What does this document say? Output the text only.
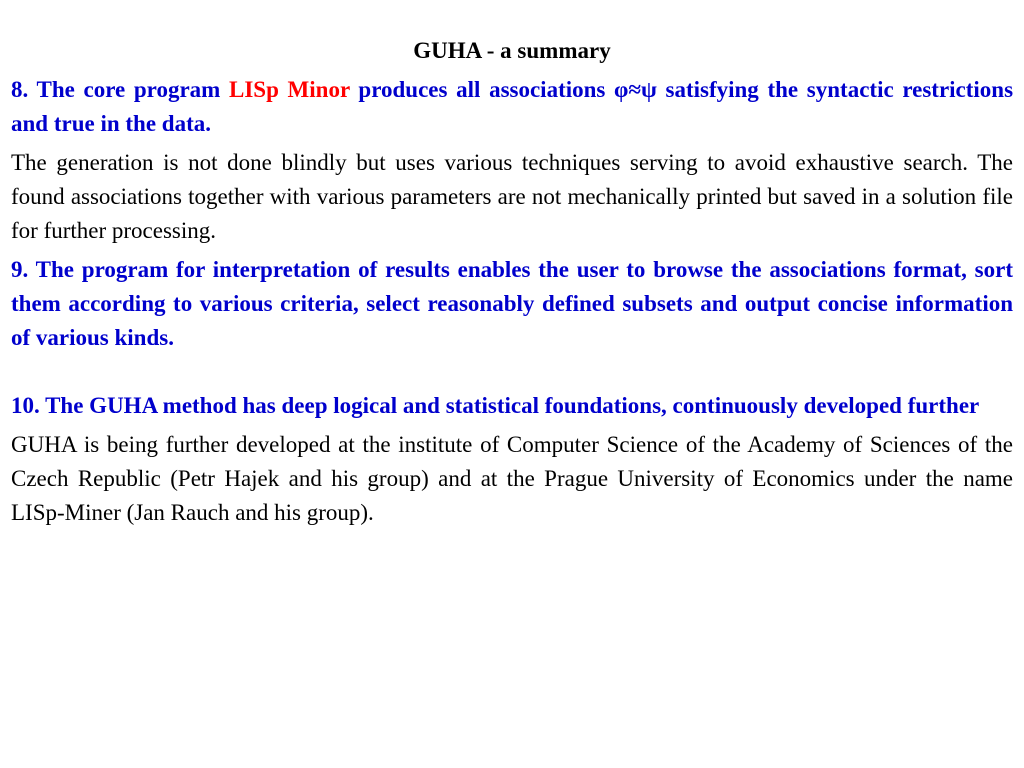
GUHA - a summary
8. The core program LISp Minor produces all associations φ≈ψ satisfying the syntactic restrictions and true in the data.
The generation is not done blindly but uses various techniques serving to avoid exhaustive search. The found associations together with various parameters are not mechanically printed but saved in a solution file for further processing.
9. The program for interpretation of results enables the user to browse the associations format, sort them according to various criteria, select reasonably defined subsets and output concise information of various kinds.
10. The GUHA method has deep logical and statistical foundations, continuously developed further
GUHA is being further developed at the institute of Computer Science of the Academy of Sciences of the Czech Republic (Petr Hajek and his group) and at the Prague University of Economics under the name LISp-Miner (Jan Rauch and his group).
